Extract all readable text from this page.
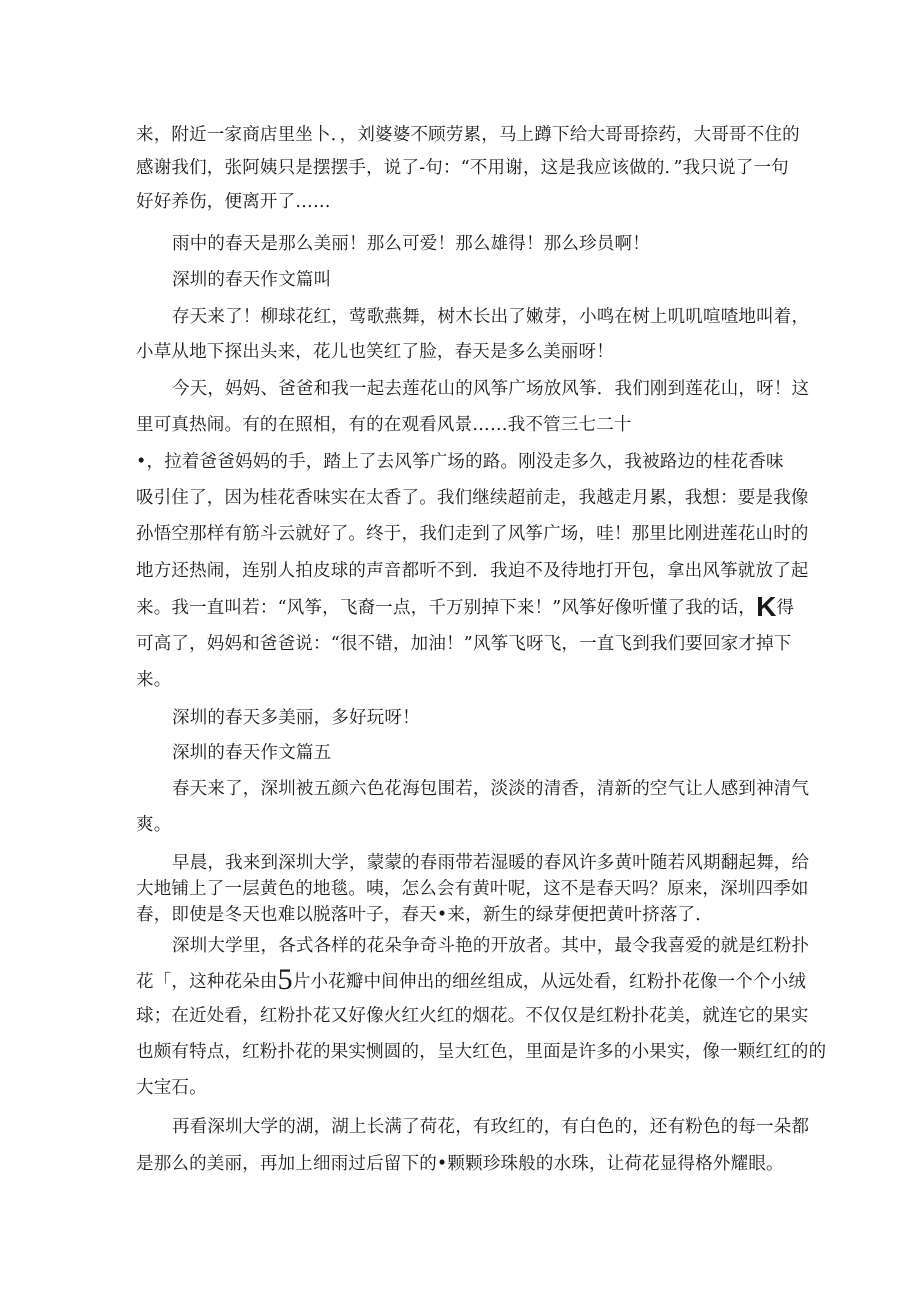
来，附近一家商店里坐卜．，刘婆婆不顾劳累，马上蹲下给大哥哥捺药，大哥哥不住的
感谢我们，张阿姨只是摆摆手，说了-句：“不用谢，这是我应该做的．”我只说了一句
好好养伤，便离开了……
雨中的春天是那么美丽！那么可爱！那么雄得！那么珍员啊！
深圳的春天作文篇叫
存天来了！柳球花红，莺歌燕舞，树木长出了嫩芽，小鸣在树上叽叽喧喳地叫着，
小草从地下探出头来，花儿也笑红了脸，春天是多么美丽呀！
今天，妈妈、爸爸和我一起去莲花山的风筝广场放风筝．我们刚到莲花山，呀！这
里可真热闹。有的在照相，有的在观看风景……我不管三七二十
•，拉着爸爸妈妈的手，踏上了去风筝广场的路。刚没走多久，我被路边的桂花香味
吸引住了，因为桂花香味实在太香了。我们继续超前走，我越走月累，我想：要是我像
孙悟空那样有筋斗云就好了。终于，我们走到了风筝广场，哇！那里比刚进莲花山时的
地方还热闹，连别人拍皮球的声音都听不到．我迫不及待地打开包，拿出风筝就放了起
来。我一直叫若：“风筝，飞裔一点，千万别掉下来！”风筝好像听懂了我的话，K得
可高了，妈妈和爸爸说：“很不错，加油！”风筝飞呀飞，一直飞到我们要回家才掉下
来。
深圳的春天多美丽，多好玩呀！
深圳的春天作文篇五
春天来了，深圳被五颜六色花海包围若，淡淡的清香，清新的空气让人感到神清气
爽。
早晨，我来到深圳大学，蒙蒙的春雨带若湿暖的春风许多黄叶随若风期翻起舞，给
大地铺上了一层黄色的地毯。咦，怎么会有黄叶呢，这不是春天吗？原来，深圳四季如
春，即使是冬天也难以脱落叶子，春天•来，新生的绿芽便把黄叶挤落了．
深圳大学里，各式各样的花朵争奇斗艳的开放者。其中，最令我喜爱的就是红粉扑
花「，这种花朵由5片小花瓣中间伸出的细丝组成，从远处看，红粉扑花像一个个小绒
球；在近处看，红粉扑花又好像火红火红的烟花。不仅仅是红粉扑花美，就连它的果实
也颇有特点，红粉扑花的果实恻圆的，呈大红色，里面是许多的小果实，像一颗红红的的
大宝石。
再看深圳大学的湖，湖上长满了荷花，有玫红的，有白色的，还有粉色的每一朵都
是那么的美丽，再加上细雨过后留下的•颗颗珍珠般的水珠，让荷花显得格外耀眼。
